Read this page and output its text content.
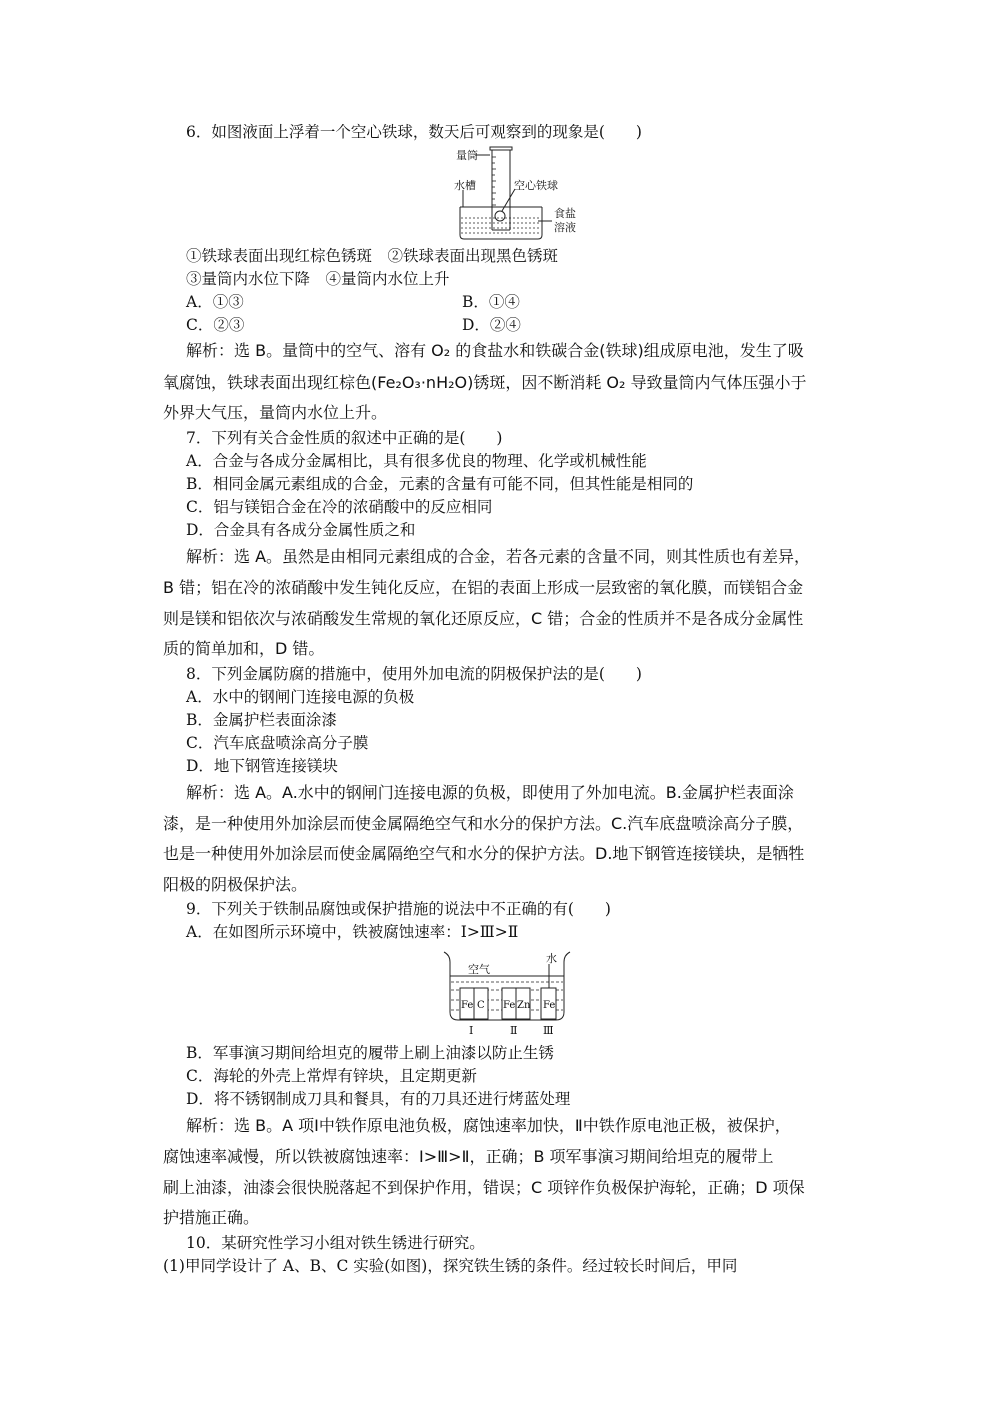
6．如图液面上浮着一个空心铁球，数天后可观察到的现象是(　　)
量筒
水槽	空心铁球
食盐
溶液
①铁球表面出现红棕色锈斑　②铁球表面出现黑色锈斑
③量筒内水位下降　④量筒内水位上升
A．①③	B．①④
C．②③	D．②④
解析：选 B。量筒中的空气、溶有 O₂ 的食盐水和铁碳合金(铁球)组成原电池，发生了吸
氧腐蚀，铁球表面出现红棕色(Fe₂O₃·nH₂O)锈斑，因不断消耗 O₂ 导致量筒内气体压强小于
外界大气压，量筒内水位上升。
7．下列有关合金性质的叙述中正确的是(　　)
A．合金与各成分金属相比，具有很多优良的物理、化学或机械性能
B．相同金属元素组成的合金，元素的含量有可能不同，但其性能是相同的
C．铝与镁铝合金在冷的浓硝酸中的反应相同
D．合金具有各成分金属性质之和
解析：选 A。虽然是由相同元素组成的合金，若各元素的含量不同，则其性质也有差异，
B 错；铝在冷的浓硝酸中发生钝化反应，在铝的表面上形成一层致密的氧化膜，而镁铝合金
则是镁和铝依次与浓硝酸发生常规的氧化还原反应，C 错；合金的性质并不是各成分金属性
质的简单加和，D 错。
8．下列金属防腐的措施中，使用外加电流的阴极保护法的是(　　)
A．水中的钢闸门连接电源的负极
B．金属护栏表面涂漆
C．汽车底盘喷涂高分子膜
D．地下钢管连接镁块
解析：选 A。A.水中的钢闸门连接电源的负极，即使用了外加电流。B.金属护栏表面涂
漆，是一种使用外加涂层而使金属隔绝空气和水分的保护方法。C.汽车底盘喷涂高分子膜，
也是一种使用外加涂层而使金属隔绝空气和水分的保护方法。D.地下钢管连接镁块，是牺牲
阳极的阴极保护法。
9．下列关于铁制品腐蚀或保护措施的说法中不正确的有(　　)
A．在如图所示环境中，铁被腐蚀速率：Ⅰ>Ⅲ>Ⅱ
空气
水
Fe C Fe Zn Fe
Ⅰ	Ⅱ Ⅲ
B．军事演习期间给坦克的履带上刷上油漆以防止生锈
C．海轮的外壳上常焊有锌块，且定期更新
D．将不锈钢制成刀具和餐具，有的刀具还进行烤蓝处理
解析：选 B。A 项Ⅰ中铁作原电池负极，腐蚀速率加快，Ⅱ中铁作原电池正极，被保护，
腐蚀速率减慢，所以铁被腐蚀速率：Ⅰ>Ⅲ>Ⅱ，正确；B 项军事演习期间给坦克的履带上
刷上油漆，油漆会很快脱落起不到保护作用，错误；C 项锌作负极保护海轮，正确；D 项保
护措施正确。
10．某研究性学习小组对铁生锈进行研究。
(1)甲同学设计了 A、B、C 实验(如图)，探究铁生锈的条件。经过较长时间后，甲同
